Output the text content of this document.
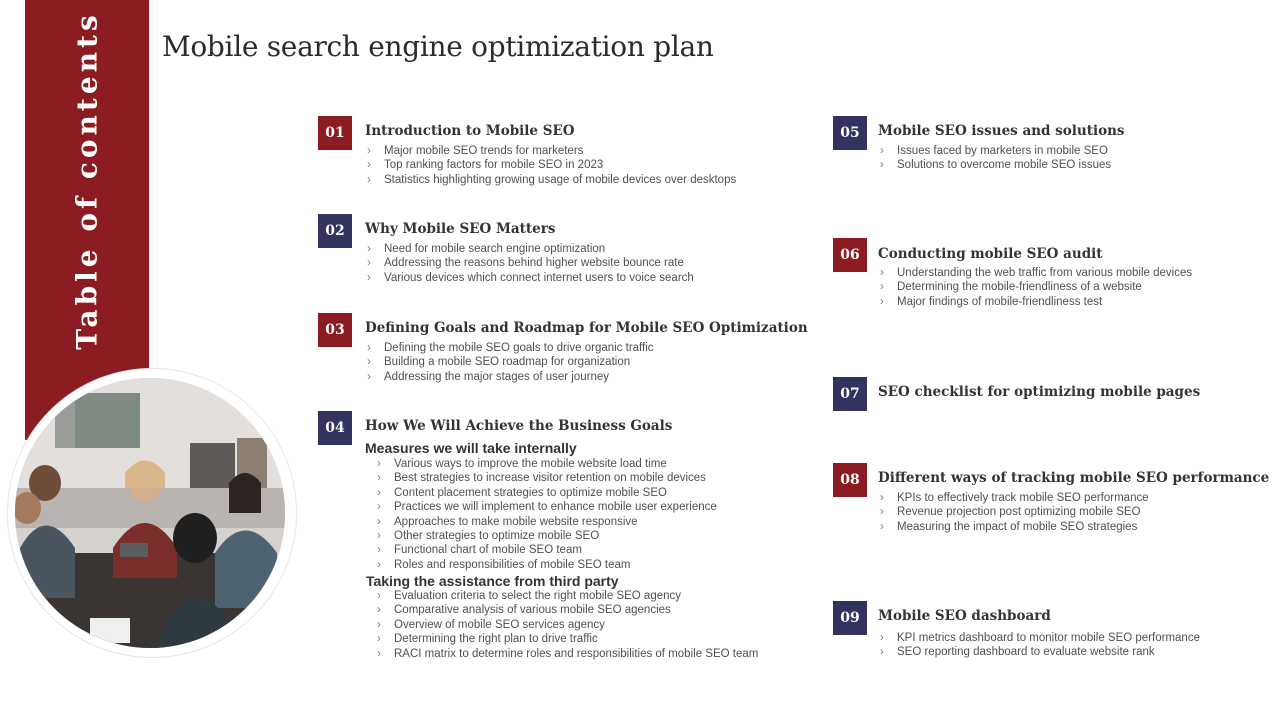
Table of contents Mobile search engine optimization plan
01	Introduction to Mobile SEO
› Major mobile SEO trends for marketers
› Top ranking factors for mobile SEO in 2023
› Statistics highlighting growing usage of mobile devices over desktops
02	Why Mobile SEO Matters
› Need for mobile search engine optimization
› Addressing the reasons behind higher website bounce rate
› Various devices which connect internet users to voice search
03	Defining Goals and Roadmap for Mobile SEO Optimization
› Defining the mobile SEO goals to drive organic traffic
› Building a mobile SEO roadmap for organization
› Addressing the major stages of user journey
04	How We Will Achieve the Business Goals
Measures we will take internally
› Various ways to improve the mobile website load time
› Best strategies to increase visitor retention on mobile devices
› Content placement strategies to optimize mobile SEO
› Practices we will implement to enhance mobile user experience
› Approaches to make mobile website responsive
› Other strategies to optimize mobile SEO
› Functional chart of mobile SEO team
› Roles and responsibilities of mobile SEO team
Taking the assistance from third party
› Evaluation criteria to select the right mobile SEO agency
› Comparative analysis of various mobile SEO agencies
› Overview of mobile SEO services agency
› Determining the right plan to drive traffic
› RACI matrix to determine roles and responsibilities of mobile SEO team
05	Mobile SEO issues and solutions
› Issues faced by marketers in mobile SEO
› Solutions to overcome mobile SEO issues
06	Conducting mobile SEO audit
› Understanding the web traffic from various mobile devices
› Determining the mobile-friendliness of a website
› Major findings of mobile-friendliness test
07	SEO checklist for optimizing mobile pages
08	Different ways of tracking mobile SEO performance
› KPIs to effectively track mobile SEO performance
› Revenue projection post optimizing mobile SEO
› Measuring the impact of mobile SEO strategies
09	Mobile SEO dashboard
› KPI metrics dashboard to monitor mobile SEO performance
› SEO reporting dashboard to evaluate website rank
